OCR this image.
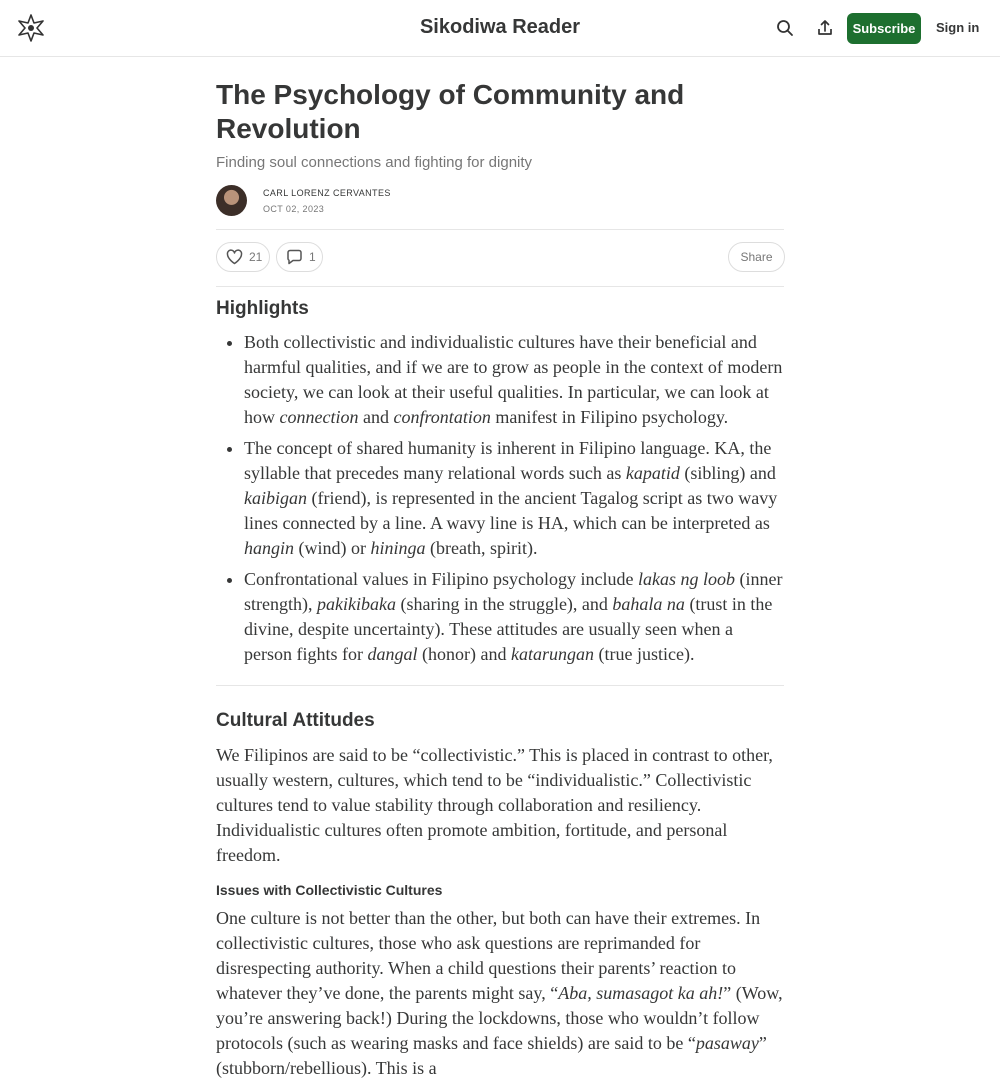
Sikodiwa Reader	Subscribe	Sign in
The Psychology of Community and Revolution
Finding soul connections and fighting for dignity
CARL LORENZ CERVANTES
OCT 02, 2023
21	1	Share
Highlights
• Both collectivistic and individualistic cultures have their beneficial and harmful qualities, and if we are to grow as people in the context of modern society, we can look at their useful qualities. In particular, we can look at how connection and confrontation manifest in Filipino psychology.
• The concept of shared humanity is inherent in Filipino language. KA, the syllable that precedes many relational words such as kapatid (sibling) and kaibigan (friend), is represented in the ancient Tagalog script as two wavy lines connected by a line. A wavy line is HA, which can be interpreted as hangin (wind) or hininga (breath, spirit).
• Confrontational values in Filipino psychology include lakas ng loob (inner strength), pakikibaka (sharing in the struggle), and bahala na (trust in the divine, despite uncertainty). These attitudes are usually seen when a person fights for dangal (honor) and katarungan (true justice).
Cultural Attitudes

We Filipinos are said to be “collectivistic.” This is placed in contrast to other, usually western, cultures, which tend to be “individualistic.” Collectivistic cultures tend to value stability through collaboration and resiliency. Individualistic cultures often promote ambition, fortitude, and personal freedom.

Issues with Collectivistic Cultures

One culture is not better than the other, but both can have their extremes. In collectivistic cultures, those who ask questions are reprimanded for disrespecting authority. When a child questions their parents’ reaction to whatever they’ve done, the parents might say, “Aba, sumasagot ka ah!” (Wow, you’re answering back!) During the lockdowns, those who wouldn’t follow protocols (such as wearing masks and face shields) are said to be “pasaway” (stubborn/rebellious). This is a
